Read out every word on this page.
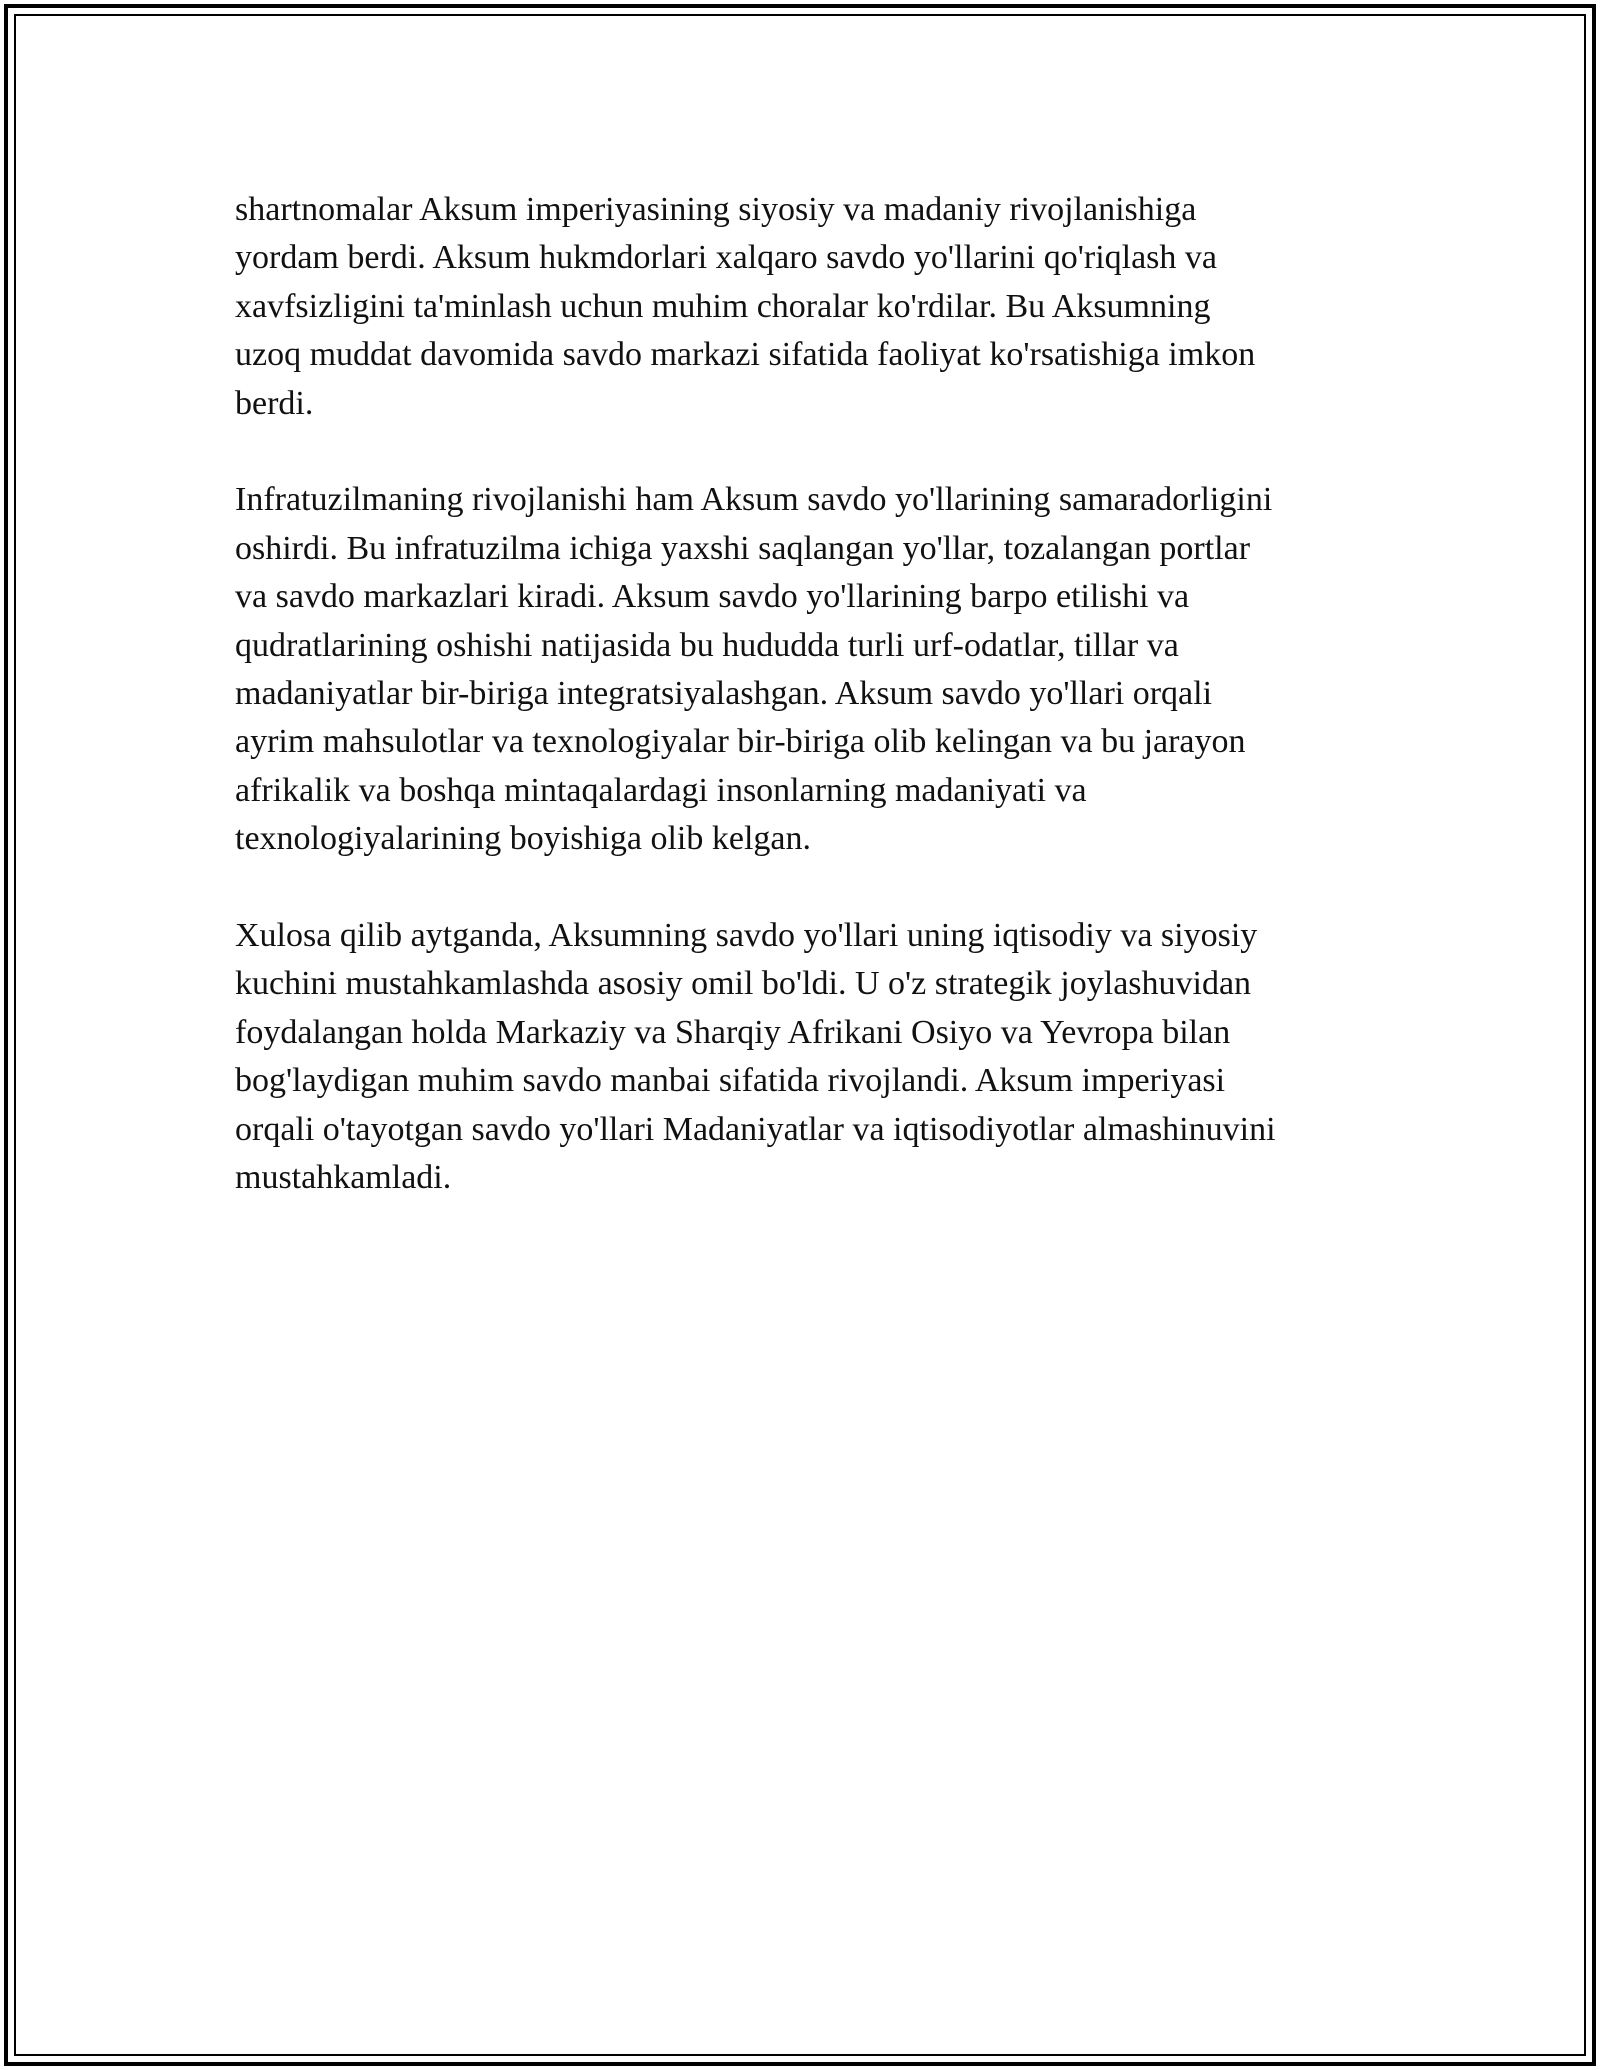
shartnomalar Aksum imperiyasining siyosiy va madaniy rivojlanishiga
yordam berdi. Aksum hukmdorlari xalqaro savdo yo'llarini qo'riqlash va
xavfsizligini ta'minlash uchun muhim choralar ko'rdilar. Bu Aksumning
uzoq muddat davomida savdo markazi sifatida faoliyat ko'rsatishiga imkon
berdi.

Infratuzilmaning rivojlanishi ham Aksum savdo yo'llarining samaradorligini
oshirdi. Bu infratuzilma ichiga yaxshi saqlangan yo'llar, tozalangan portlar
va savdo markazlari kiradi. Aksum savdo yo'llarining barpo etilishi va
qudratlarining oshishi natijasida bu hududda turli urf-odatlar, tillar va
madaniyatlar bir-biriga integratsiyalashgan. Aksum savdo yo'llari orqali
ayrim mahsulotlar va texnologiyalar bir-biriga olib kelingan va bu jarayon
afrikalik va boshqa mintaqalardagi insonlarning madaniyati va
texnologiyalarining boyishiga olib kelgan.

Xulosa qilib aytganda, Aksumning savdo yo'llari uning iqtisodiy va siyosiy
kuchini mustahkamlashda asosiy omil bo'ldi. U o'z strategik joylashuvidan
foydalangan holda Markaziy va Sharqiy Afrikani Osiyo va Yevropa bilan
bog'laydigan muhim savdo manbai sifatida rivojlandi. Aksum imperiyasi
orqali o'tayotgan savdo yo'llari Madaniyatlar va iqtisodiyotlar almashinuvini
mustahkamladi.
